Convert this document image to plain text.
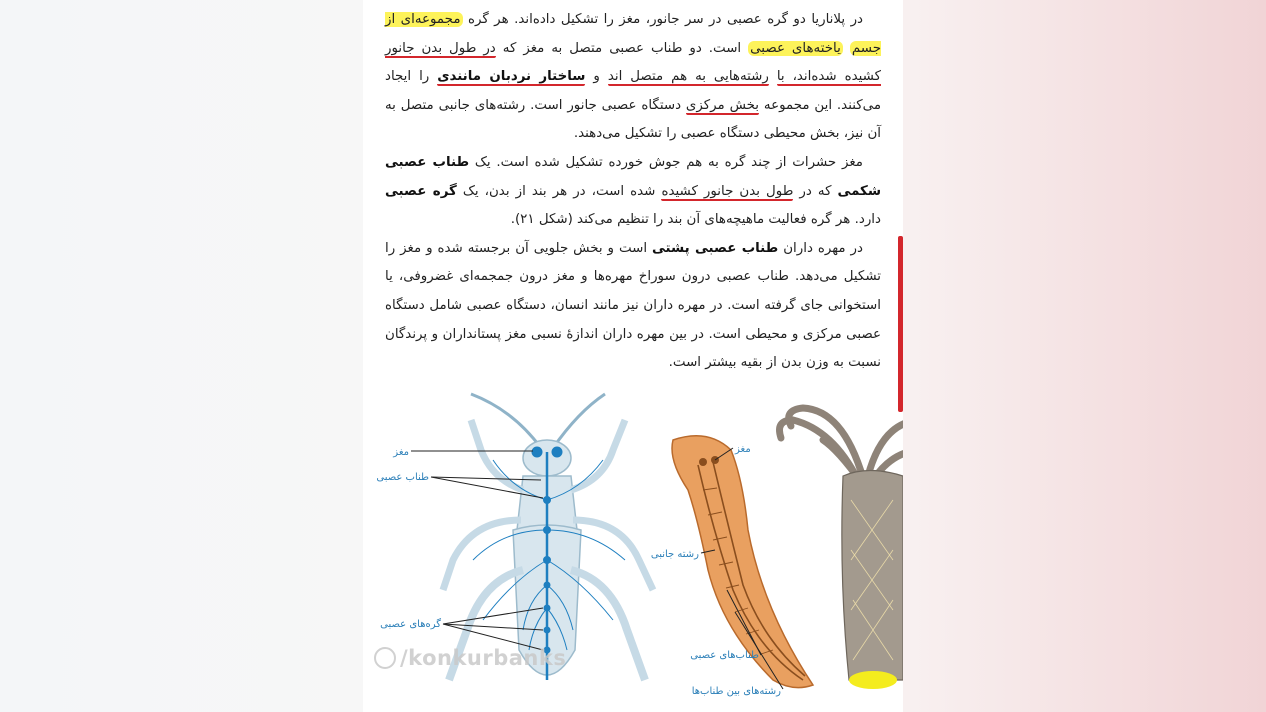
در پلاناریا دو گره عصبی در سر جانور، مغز را تشکیل داده‌اند. هر گره مجموعه‌ای از جسم یاخته‌های عصبی است. دو طناب عصبی متصل به مغز که در طول بدن جانور کشیده شده‌اند، با رشته‌هایی به هم متصل اند و ساختار نردبان مانندی را ایجاد می‌کنند. این مجموعه بخش مرکزی دستگاه عصبی جانور است. رشته‌های جانبی متصل به آن نیز، بخش محیطی دستگاه عصبی را تشکیل می‌دهند.

مغز حشرات از چند گره به هم جوش خورده تشکیل شده است. یک طناب عصبی شکمی که در طول بدن جانور کشیده شده است، در هر بند از بدن، یک گره عصبی دارد. هر گره فعالیت ماهیچه‌های آن بند را تنظیم می‌کند (شکل ۲۱).

در مهره داران طناب عصبی پشتی است و بخش جلویی آن برجسته شده و مغز را تشکیل می‌دهد. طناب عصبی درون سوراخ مهره‌ها و مغز درون جمجمه‌ای غضروفی، یا استخوانی جای گرفته است. در مهره داران نیز مانند انسان، دستگاه عصبی شامل دستگاه عصبی مرکزی و محیطی است. در بین مهره داران اندازهٔ نسبی مغز پستانداران و پرندگان نسبت به وزن بدن از بقیه بیشتر است.

مغز
طناب عصبی
گره‌های عصبی
مغز
رشته جانبی
طناب‌های عصبی
رشته‌های بین طناب‌ها
/konkurbanks
